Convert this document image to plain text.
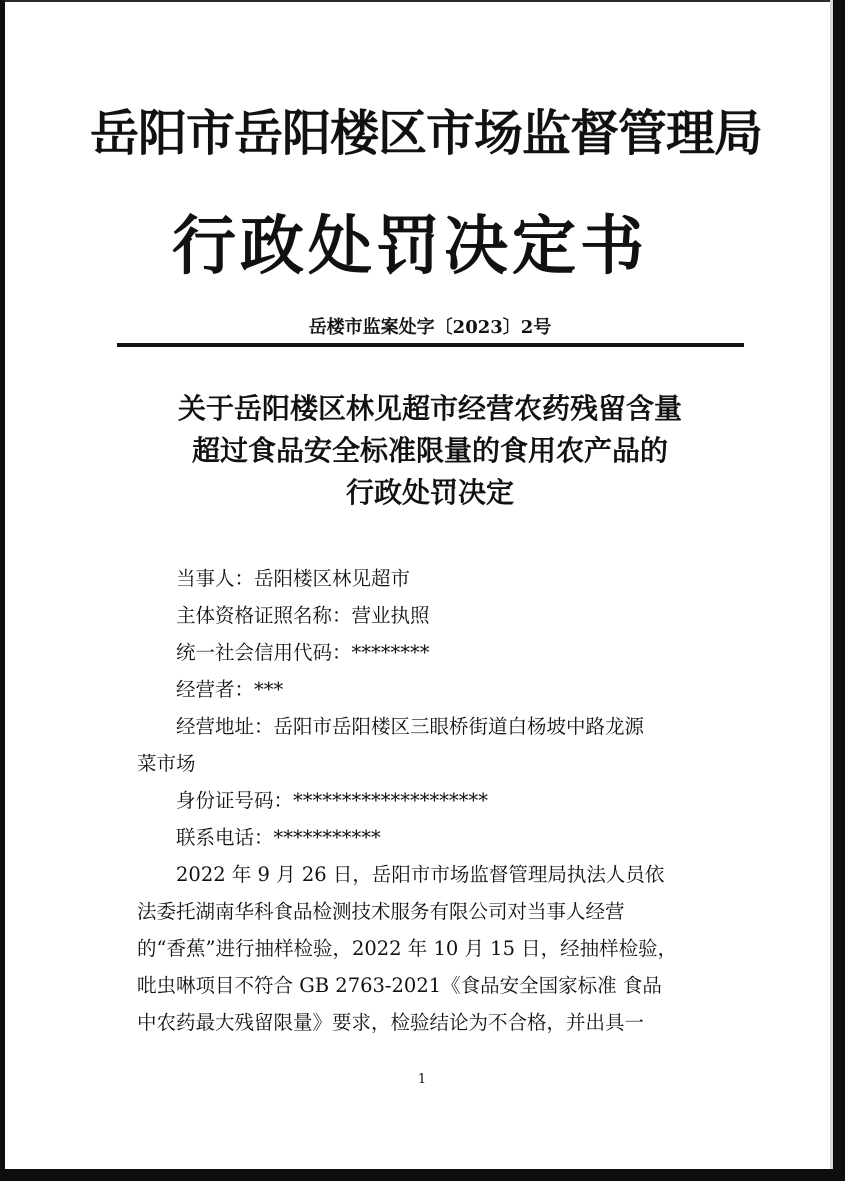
岳阳市岳阳楼区市场监督管理局
行政处罚决定书
岳楼市监案处字〔2023〕2号
关于岳阳楼区林见超市经营农药残留含量
超过食品安全标准限量的食用农产品的
行政处罚决定

当事人：岳阳楼区林见超市

主体资格证照名称：营业执照

统一社会信用代码：********

经营者：***

经营地址：岳阳市岳阳楼区三眼桥街道白杨坡中路龙源

菜市场

身份证号码：********************

联系电话：***********

2022 年 9 月 26 日，岳阳市市场监督管理局执法人员依

法委托湖南华科食品检测技术服务有限公司对当事人经营

的“香蕉”进行抽样检验，2022 年 10 月 15 日，经抽样检验，

吡虫啉项目不符合 GB 2763-2021《食品安全国家标准 食品

中农药最大残留限量》要求，检验结论为不合格，并出具一

1
